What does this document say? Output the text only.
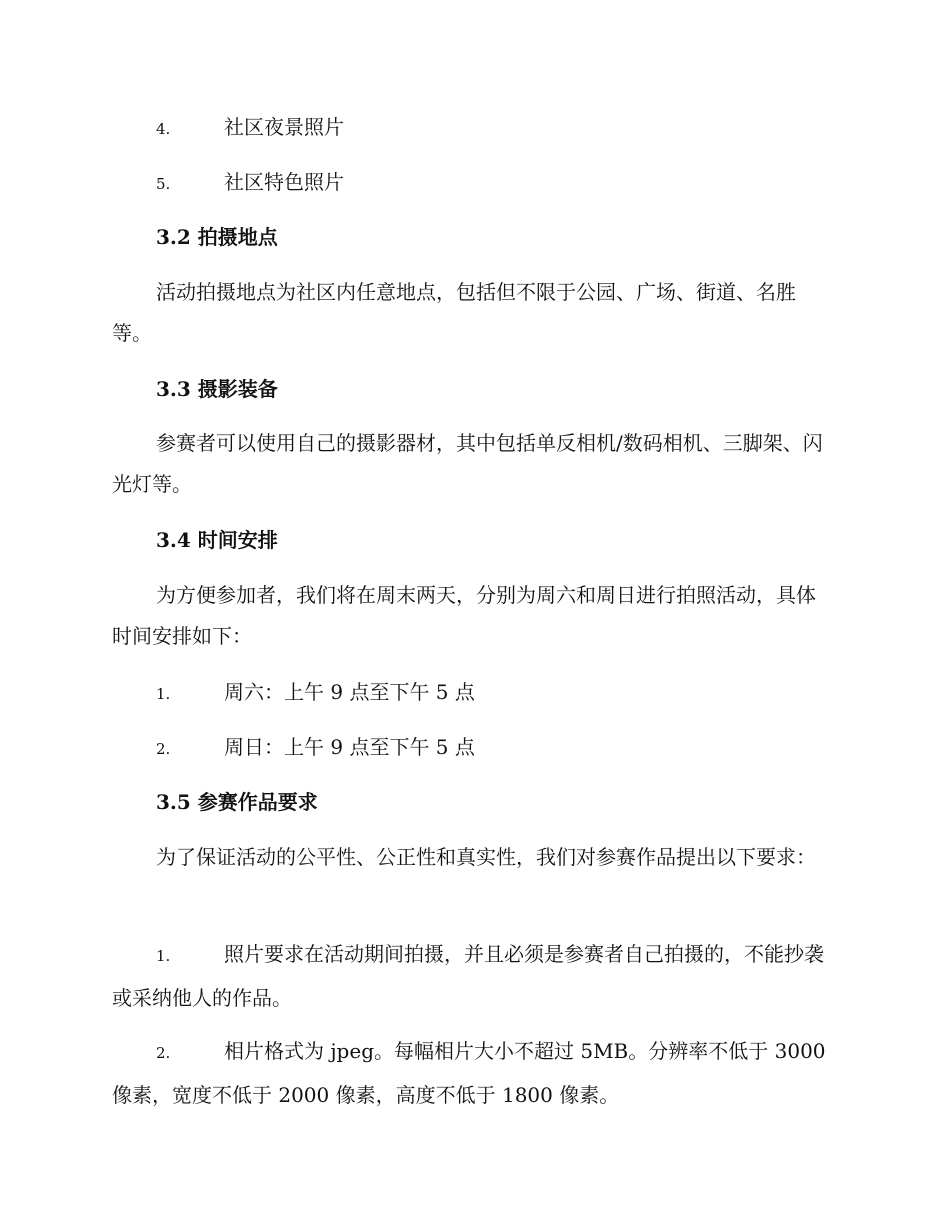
4.	社区夜景照片

5.	社区特色照片

3.2 拍摄地点

活动拍摄地点为社区内任意地点，包括但不限于公园、广场、街道、名胜等。

3.3 摄影装备

参赛者可以使用自己的摄影器材，其中包括单反相机/数码相机、三脚架、闪光灯等。

3.4 时间安排

为方便参加者，我们将在周末两天，分别为周六和周日进行拍照活动，具体时间安排如下：

1.	周六：上午 9 点至下午 5 点

2.	周日：上午 9 点至下午 5 点

3.5 参赛作品要求

为了保证活动的公平性、公正性和真实性，我们对参赛作品提出以下要求：

1.	照片要求在活动期间拍摄，并且必须是参赛者自己拍摄的，不能抄袭或采纳他人的作品。

2.	相片格式为 jpeg。每幅相片大小不超过 5MB。分辨率不低于 3000 像素，宽度不低于 2000 像素，高度不低于 1800 像素。
